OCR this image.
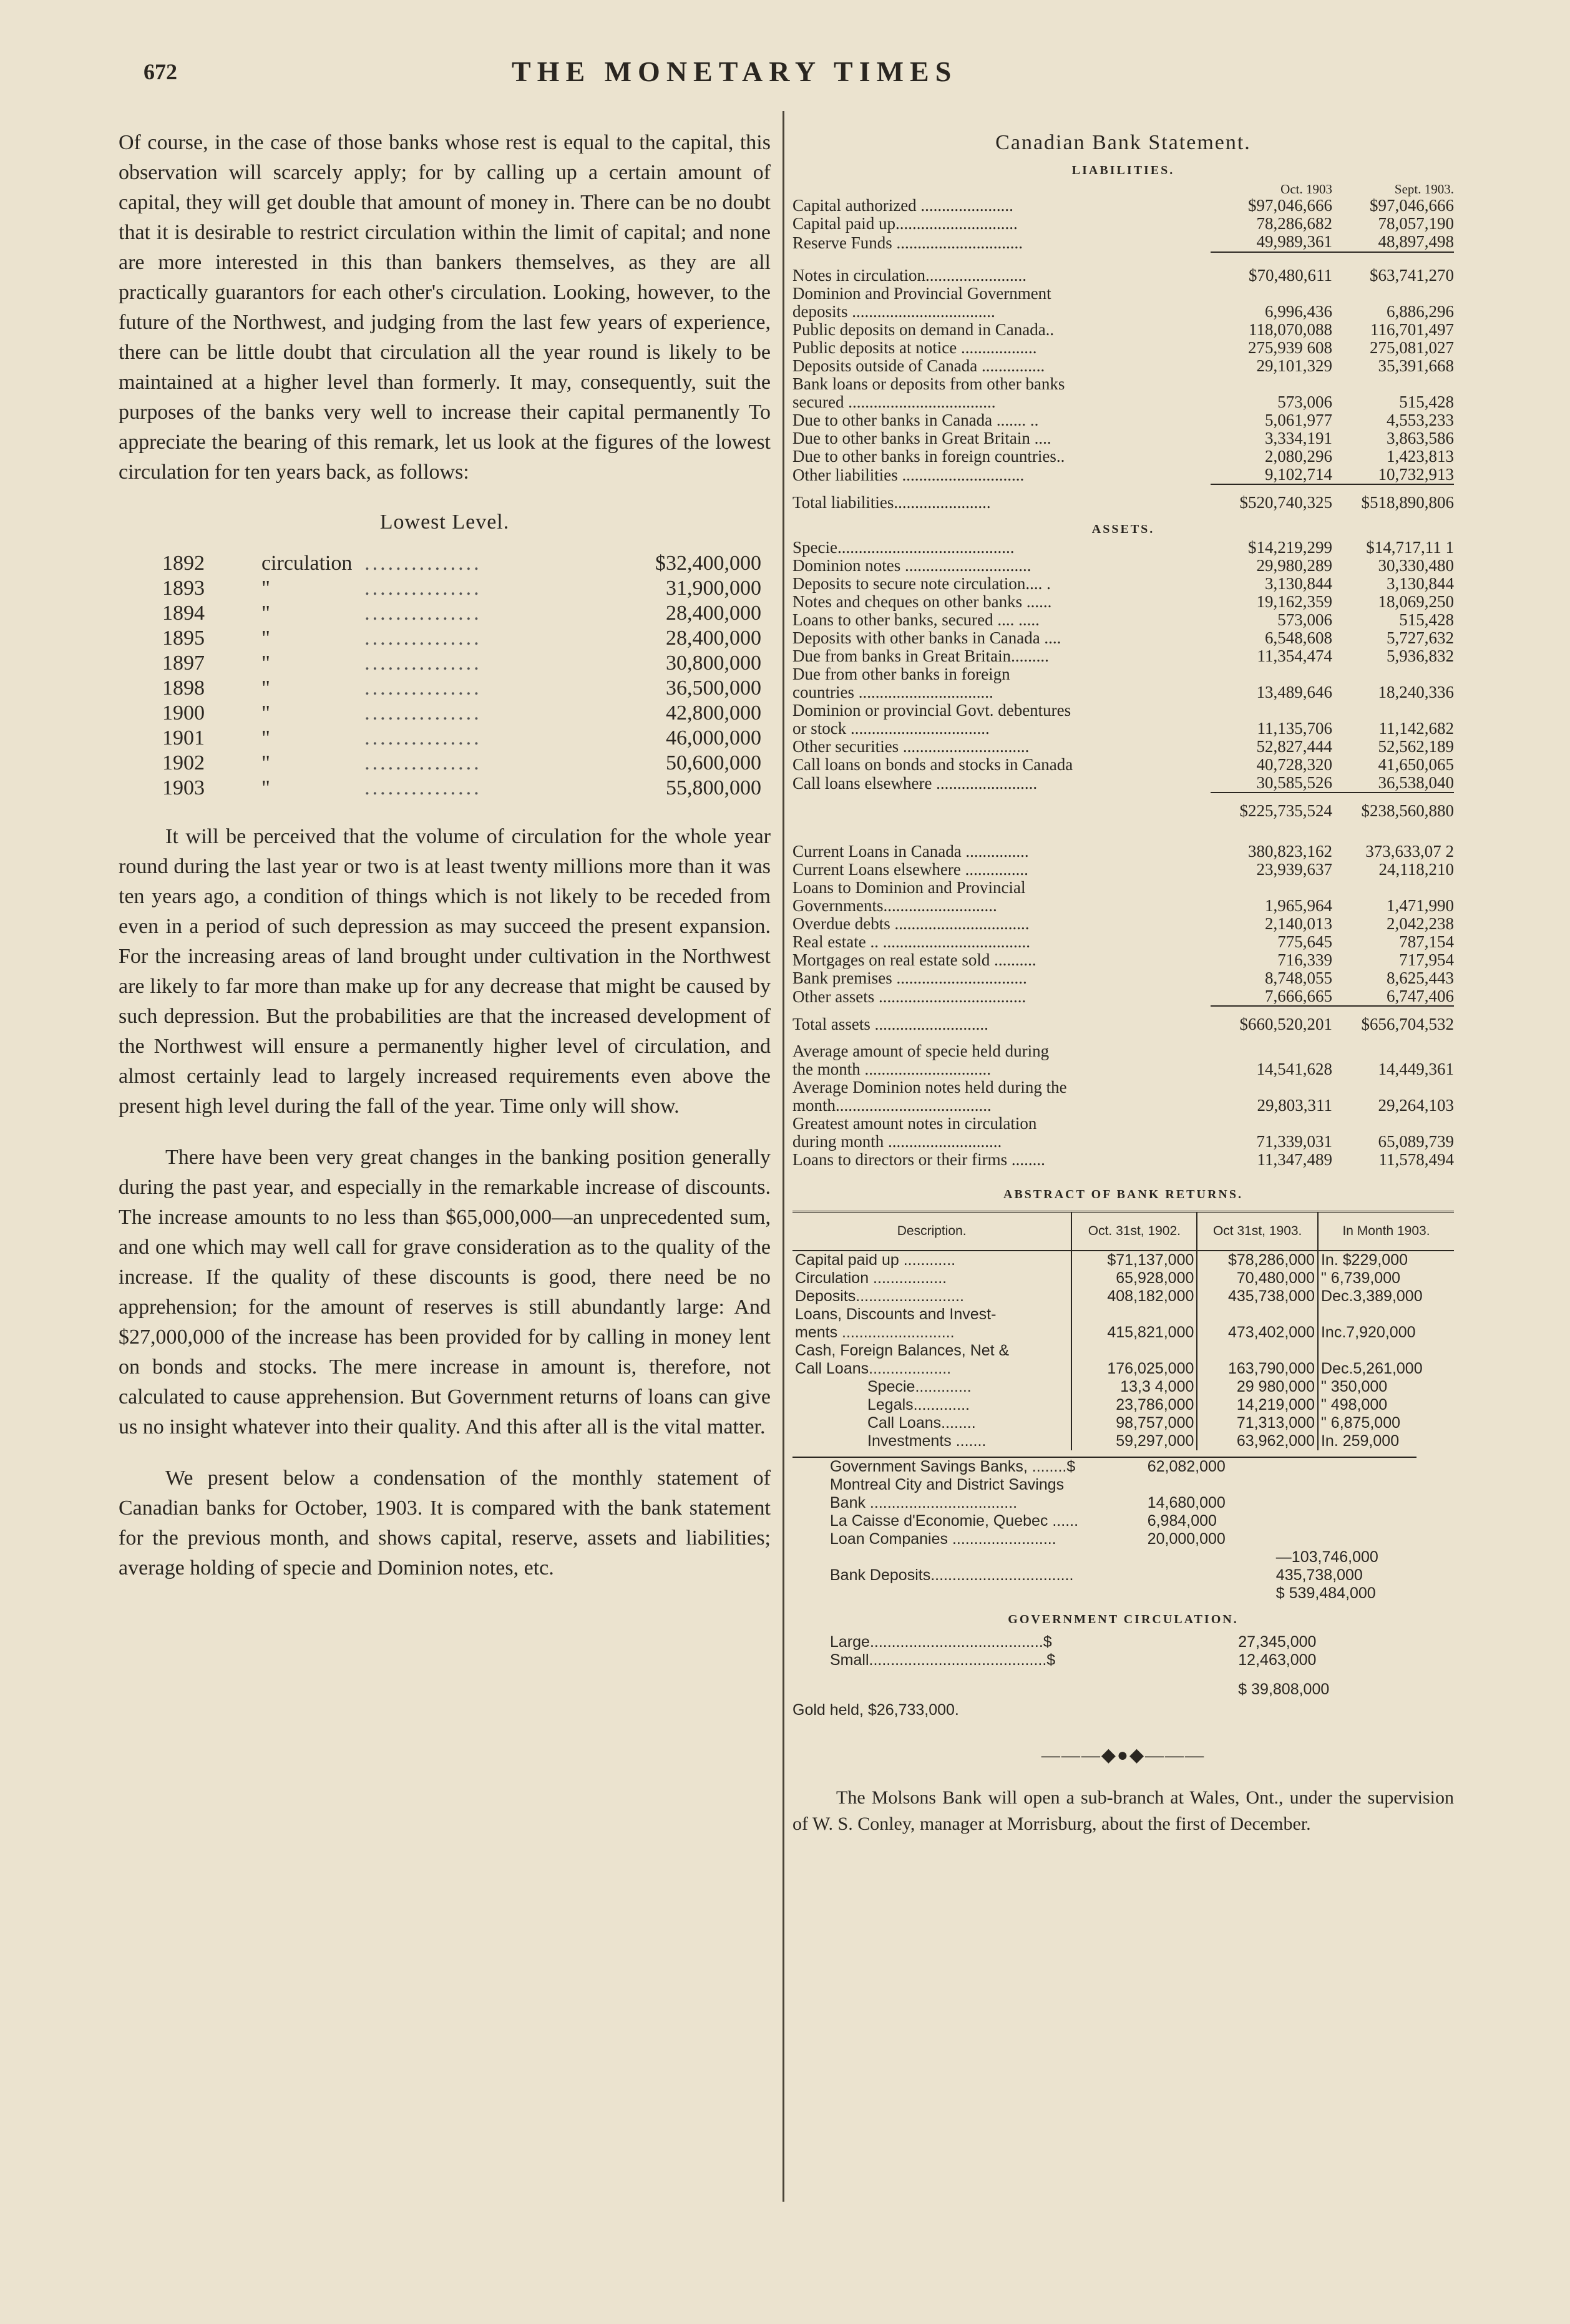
672	THE MONETARY TIMES

Of course, in the case of those banks whose rest is equal to the capital, this observation will scarcely apply; for by calling up a certain amount of capital, they will get double that amount of money in. There can be no doubt that it is desirable to restrict circulation within the limit of capital; and none are more interested in this than bankers themselves, as they are all practically guarantors for each other's circulation. Looking, however, to the future of the Northwest, and judging from the last few years of experience, there can be little doubt that circulation all the year round is likely to be maintained at a higher level than formerly. It may, consequently, suit the purposes of the banks very well to increase their capital permanently To appreciate the bearing of this remark, let us look at the figures of the lowest circulation for ten years back, as follows:

Lowest Level.
1892	circulation	...............	$32,400,000
1893	"	...............	31,900,000
1894	"	...............	28,400,000
1895	"	...............	28,400,000
1897	"	...............	30,800,000
1898	"	...............	36,500,000
1900	"	...............	42,800,000
1901	"	...............	46,000,000
1902	"	...............	50,600,000
1903	"	...............	55,800,000

It will be perceived that the volume of circulation for the whole year round during the last year or two is at least twenty millions more than it was ten years ago, a condition of things which is not likely to be receded from even in a period of such depression as may succeed the present expansion. For the increasing areas of land brought under cultivation in the Northwest are likely to far more than make up for any decrease that might be caused by such depression. But the probabilities are that the increased development of the Northwest will ensure a permanently higher level of circulation, and almost certainly lead to largely increased requirements even above the present high level during the fall of the year. Time only will show.

There have been very great changes in the banking position generally during the past year, and especially in the remarkable increase of discounts. The increase amounts to no less than $65,000,000—an unprecedented sum, and one which may well call for grave consideration as to the quality of the increase. If the quality of these discounts is good, there need be no apprehension; for the amount of reserves is still abundantly large: And $27,000,000 of the increase has been provided for by calling in money lent on bonds and stocks. The mere increase in amount is, therefore, not calculated to cause apprehension. But Government returns of loans can give us no insight whatever into their quality. And this after all is the vital matter.

We present below a condensation of the monthly statement of Canadian banks for October, 1903. It is compared with the bank statement for the previous month, and shows capital, reserve, assets and liabilities; average holding of specie and Dominion notes, etc.

Canadian Bank Statement.
LIABILITIES.
	Oct. 1903	Sept. 1903.
Capital authorized ......................	$97,046,666	$97,046,666
Capital paid up.............................	78,286,682	78,057,190
Reserve Funds ..............................	49,989,361	48,897,498

Notes in circulation........................	$70,480,611	$63,741,270
Dominion and Provincial Government		
deposits ..................................	6,996,436	6,886,296
Public deposits on demand in Canada..	118,070,088	116,701,497
Public deposits at notice ..................	275,939 608	275,081,027
Deposits outside of Canada ...............	29,101,329	35,391,668
Bank loans or deposits from other banks		
secured ...................................	573,006	515,428
Due to other banks in Canada ....... ..	5,061,977	4,553,233
Due to other banks in Great Britain ....	3,334,191	3,863,586
Due to other banks in foreign countries..	2,080,296	1,423,813
Other liabilities .............................	9,102,714	10,732,913
Total liabilities.......................	$520,740,325	$518,890,806
ASSETS.		
Specie..........................................	$14,219,299	$14,717,11 1
Dominion notes ..............................	29,980,289	30,330,480
Deposits to secure note circulation.... .	3,130,844	3,130,844
Notes and cheques on other banks ......	19,162,359	18,069,250
Loans to other banks, secured .... .....	573,006	515,428
Deposits with other banks in Canada ....	6,548,608	5,727,632
Due from banks in Great Britain.........	11,354,474	5,936,832
Due from other banks in foreign		
countries ................................	13,489,646	18,240,336
Dominion or provincial Govt. debentures		
or stock .................................	11,135,706	11,142,682
Other securities ..............................	52,827,444	52,562,189
Call loans on bonds and stocks in Canada	40,728,320	41,650,065
Call loans elsewhere ........................	30,585,526	36,538,040
	$225,735,524	$238,560,880

Current Loans in Canada ...............	380,823,162	373,633,07 2
Current Loans elsewhere ...............	23,939,637	24,118,210
Loans to Dominion and Provincial		
Governments...........................	1,965,964	1,471,990
Overdue debts ................................	2,140,013	2,042,238
Real estate .. ...................................	775,645	787,154
Mortgages on real estate sold ..........	716,339	717,954
Bank premises ...............................	8,748,055	8,625,443
Other assets ...................................	7,666,665	6,747,406
Total assets ...........................	$660,520,201	$656,704,532
Average amount of specie held during		
the month ..............................	14,541,628	14,449,361
Average Dominion notes held during the		
month.....................................	29,803,311	29,264,103
Greatest amount notes in circulation		
during month ...........................	71,339,031	65,089,739
Loans to directors or their firms ........	11,347,489	11,578,494
ABSTRACT OF BANK RETURNS.
Description.	Oct. 31st, 1902.	Oct 31st, 1903.	In Month 1903.
Capital paid up ............	$71,137,000	$78,286,000	In. $229,000
Circulation .................	65,928,000	70,480,000	" 6,739,000
Deposits.........................	408,182,000	435,738,000	Dec.3,389,000
Loans, Discounts and Invest-			
ments ..........................	415,821,000	473,402,000	Inc.7,920,000
Cash, Foreign Balances, Net &			
Call Loans...................	176,025,000	163,790,000	Dec.5,261,000
Specie.............	13,3 4,000	29 980,000	" 350,000
Legals.............	23,786,000	14,219,000	" 498,000
Call Loans........	98,757,000	71,313,000	" 6,875,000
Investments .......	59,297,000	63,962,000	In. 259,000
Government Savings Banks, ........$	62,082,000	
Montreal City and District Savings		
Bank ..................................	14,680,000	
La Caisse d'Economie, Quebec ......	6,984,000	
Loan Companies ........................	20,000,000	
		—103,746,000
Bank Deposits.................................		435,738,000
		$ 539,484,000
GOVERNMENT CIRCULATION.
Large........................................$	27,345,000
Small.........................................$	12,463,000
	$ 39,808,000
Gold held, $26,733,000.
———◆●◆———
The Molsons Bank will open a sub-branch at Wales, Ont., under the supervision of W. S. Conley, manager at Morrisburg, about the first of December.
